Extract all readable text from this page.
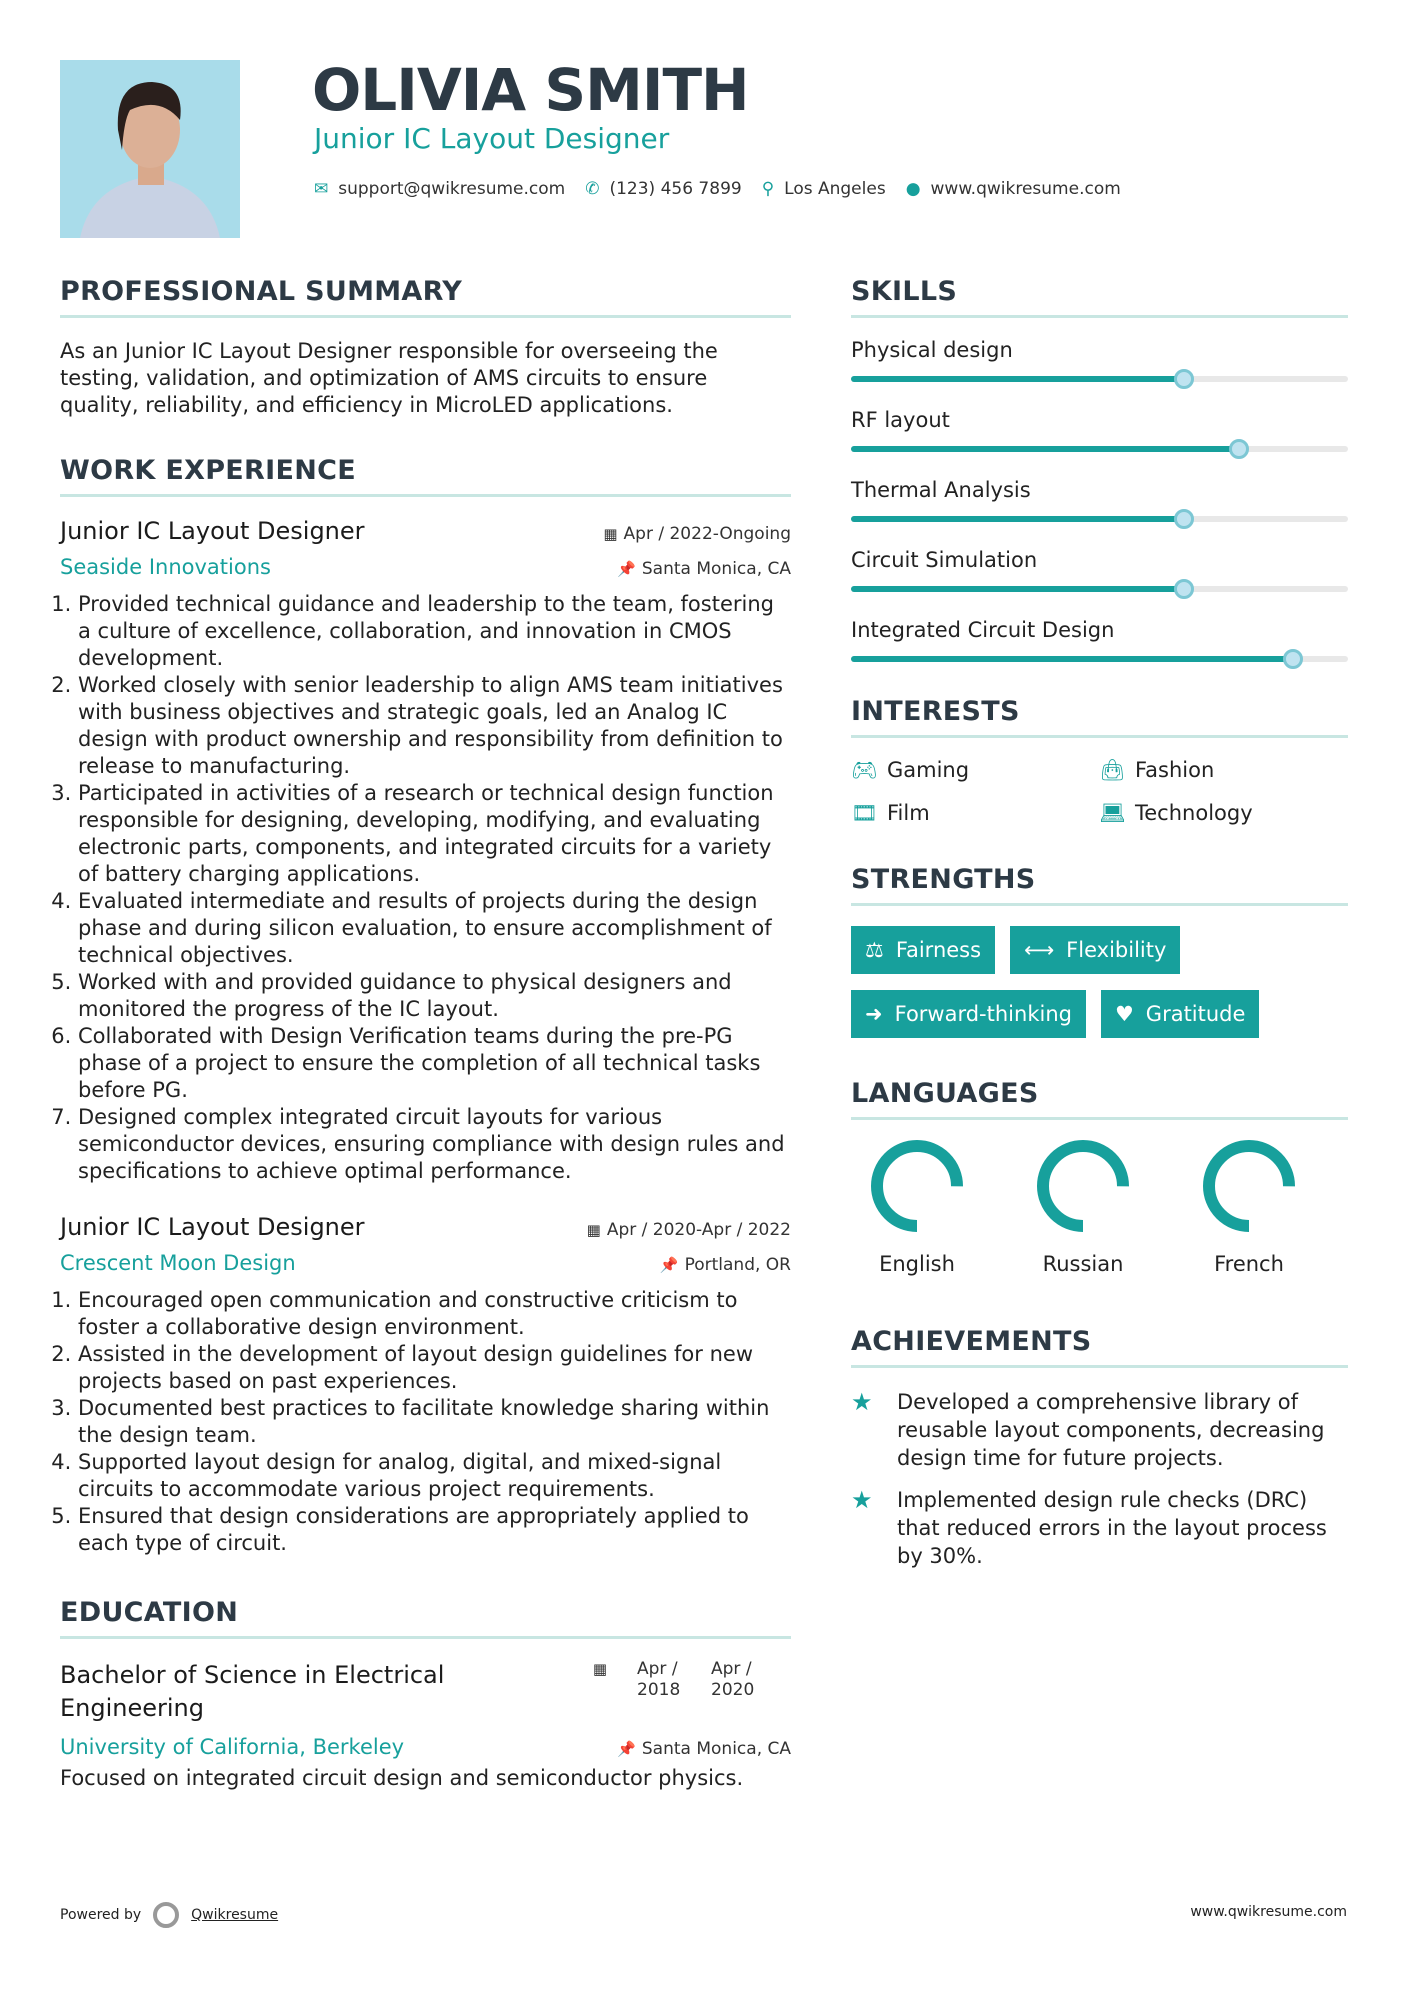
OLIVIA SMITH
Junior IC Layout Designer
✉ support@qwikresume.com ✆ (123) 456 7899 ⚲ Los Angeles ● www.qwikresume.com
PROFESSIONAL SUMMARY

As an Junior IC Layout Designer responsible for overseeing the testing, validation, and optimization of AMS circuits to ensure quality, reliability, and efficiency in MicroLED applications.

WORK EXPERIENCE
Junior IC Layout Designer	▦ Apr / 2022-Ongoing
Seaside Innovations	📌 Santa Monica, CA
1. Provided technical guidance and leadership to the team, fostering a culture of excellence, collaboration, and innovation in CMOS development.
2. Worked closely with senior leadership to align AMS team initiatives with business objectives and strategic goals, led an Analog IC design with product ownership and responsibility from definition to release to manufacturing.
3. Participated in activities of a research or technical design function responsible for designing, developing, modifying, and evaluating electronic parts, components, and integrated circuits for a variety of battery charging applications.
4. Evaluated intermediate and results of projects during the design phase and during silicon evaluation, to ensure accomplishment of technical objectives.
5. Worked with and provided guidance to physical designers and monitored the progress of the IC layout.
6. Collaborated with Design Verification teams during the pre-PG phase of a project to ensure the completion of all technical tasks before PG.
7. Designed complex integrated circuit layouts for various semiconductor devices, ensuring compliance with design rules and specifications to achieve optimal performance.
Junior IC Layout Designer	▦ Apr / 2020-Apr / 2022
Crescent Moon Design	📌 Portland, OR
1. Encouraged open communication and constructive criticism to foster a collaborative design environment.
2. Assisted in the development of layout design guidelines for new projects based on past experiences.
3. Documented best practices to facilitate knowledge sharing within the design team.
4. Supported layout design for analog, digital, and mixed-signal circuits to accommodate various project requirements.
5. Ensured that design considerations are appropriately applied to each type of circuit.
EDUCATION
Bachelor of Science in Electrical Engineering
▦ Apr / 2018
Apr / 2020
University of California, Berkeley	📌 Santa Monica, CA

Focused on integrated circuit design and semiconductor physics.

SKILLS
Physical design
RF layout
Thermal Analysis
Circuit Simulation
Integrated Circuit Design
INTERESTS
🎮︎ Gaming	👜︎ Fashion
🎞︎ Film	💻︎ Technology
STRENGTHS
⚖ Fairness ⟷ Flexibility
➜ Forward-thinking ♥ Gratitude
LANGUAGES
English	Russian	French
ACHIEVEMENTS
★	Developed a comprehensive library of reusable layout components, decreasing design time for future projects.
★	Implemented design rule checks (DRC) that reduced errors in the layout process by 30%.
Powered by	Qwikresume	www.qwikresume.com
